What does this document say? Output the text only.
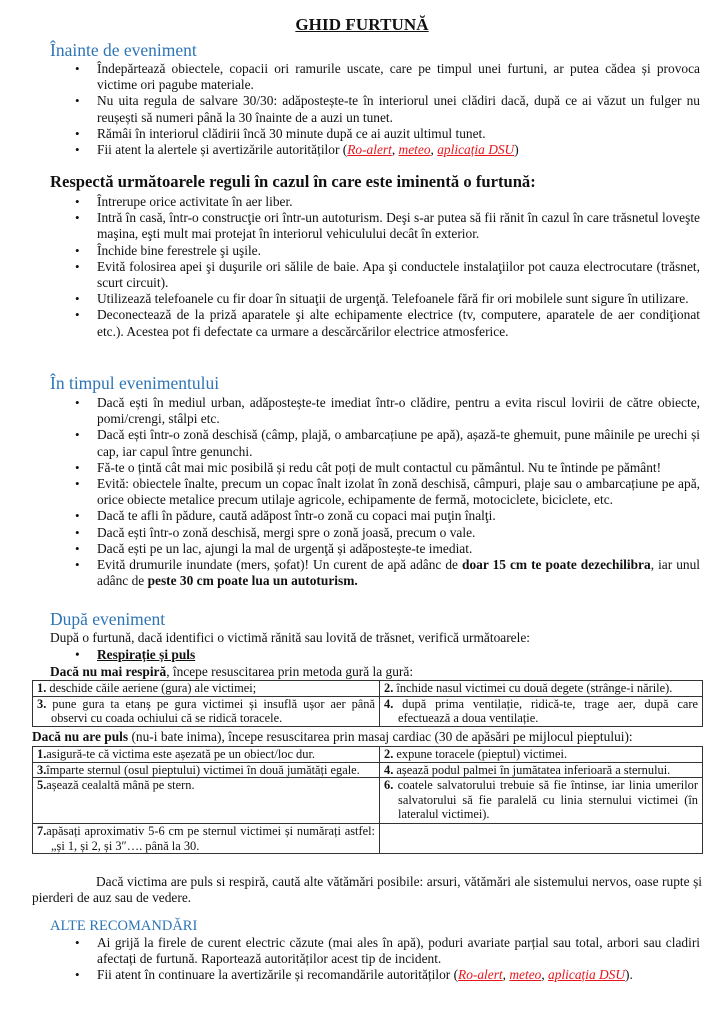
GHID FURTUNĂ
Înainte de eveniment
• Îndepărtează obiectele, copacii ori ramurile uscate, care pe timpul unei furtuni, ar putea cădea și provoca victime ori pagube materiale.
• Nu uita regula de salvare 30/30: adăpostește-te în interiorul unei clădiri dacă, după ce ai văzut un fulger nu reușești să numeri până la 30 înainte de a auzi un tunet.
• Rămâi în interiorul clădirii încă 30 minute după ce ai auzit ultimul tunet.
• Fii atent la alertele și avertizările autorităților (Ro-alert, meteo, aplicația DSU)
Respectă următoarele reguli în cazul în care este iminentă o furtună:
• Întrerupe orice activitate în aer liber.
• Intră în casă, într-o construcţie ori într-un autoturism. Deşi s-ar putea să fii rănit în cazul în care trăsnetul loveşte maşina, eşti mult mai protejat în interiorul vehiculului decât în exterior.
• Închide bine ferestrele şi uşile.
• Evită folosirea apei şi duşurile ori sălile de baie. Apa şi conductele instalaţiilor pot cauza electrocutare (trăsnet, scurt circuit).
• Utilizează telefoanele cu fir doar în situaţii de urgenţă. Telefoanele fără fir ori mobilele sunt sigure în utilizare.
• Deconectează de la priză aparatele şi alte echipamente electrice (tv, computere, aparatele de aer condiţionat etc.). Acestea pot fi defectate ca urmare a descărcărilor electrice atmosferice.
În timpul evenimentului
• Dacă ești în mediul urban, adăpostește-te imediat într-o clădire, pentru a evita riscul lovirii de către obiecte, pomi/crengi, stâlpi etc.
• Dacă ești într-o zonă deschisă (câmp, plajă, o ambarcațiune pe apă), așază-te ghemuit, pune mâinile pe urechi și cap, iar capul între genunchi.
• Fă-te o țintă cât mai mic posibilă și redu cât poți de mult contactul cu pământul. Nu te întinde pe pământ!
• Evită: obiectele înalte, precum un copac înalt izolat în zonă deschisă, câmpuri, plaje sau o ambarcațiune pe apă, orice obiecte metalice precum utilaje agricole, echipamente de fermă, motociclete, biciclete, etc.
• Dacă te afli în pădure, caută adăpost într-o zonă cu copaci mai puţin înalţi.
• Dacă ești într-o zonă deschisă, mergi spre o zonă joasă, precum o vale.
• Dacă ești pe un lac, ajungi la mal de urgenţă și adăpostește-te imediat.
• Evită drumurile inundate (mers, șofat)! Un curent de apă adânc de doar 15 cm te poate dezechilibra, iar unul adânc de peste 30 cm poate lua un autoturism.
După eveniment
După o furtună, dacă identifici o victimă rănită sau lovită de trăsnet, verifică următoarele:
• Respirație și puls
Dacă nu mai respiră, începe resuscitarea prin metoda gură la gură:
1. deschide căile aeriene (gura) ale victimei;	2. închide nasul victimei cu două degete (strânge-i nările).

3. pune gura ta etanș pe gura victimei și insuflă ușor aer până observi cu coada ochiului că se ridică toracele.	4. după prima ventilație, ridică-te, trage aer, după care efectuează a doua ventilație.
Dacă nu are puls (nu-i bate inima), începe resuscitarea prin masaj cardiac (30 de apăsări pe mijlocul pieptului):
1.asigură-te că victima este așezată pe un obiect/loc dur.	2. expune toracele (pieptul) victimei.

3.împarte sternul (osul pieptului) victimei în două jumătăți egale.	4. așează podul palmei în jumătatea inferioară a sternului.

5.așează cealaltă mână pe stern.	6. coatele salvatorului trebuie să fie întinse, iar linia umerilor salvatorului să fie paralelă cu linia sternului victimei (în lateralul victimei).

7.apăsați aproximativ 5-6 cm pe sternul victimei și numărați astfel: „și 1, și 2, și 3″…. până la 30.	

Dacă victima are puls si respiră, caută alte vătămări posibile: arsuri, vătămări ale sistemului nervos, oase rupte și pierderi de auz sau de vedere.
ALTE RECOMANDĂRI
• Ai grijă la firele de curent electric căzute (mai ales în apă), poduri avariate parțial sau total, arbori sau cladiri afectați de furtună. Raportează autorităților acest tip de incident.
• Fii atent în continuare la avertizările și recomandările autorităților (Ro-alert, meteo, aplicația DSU).
